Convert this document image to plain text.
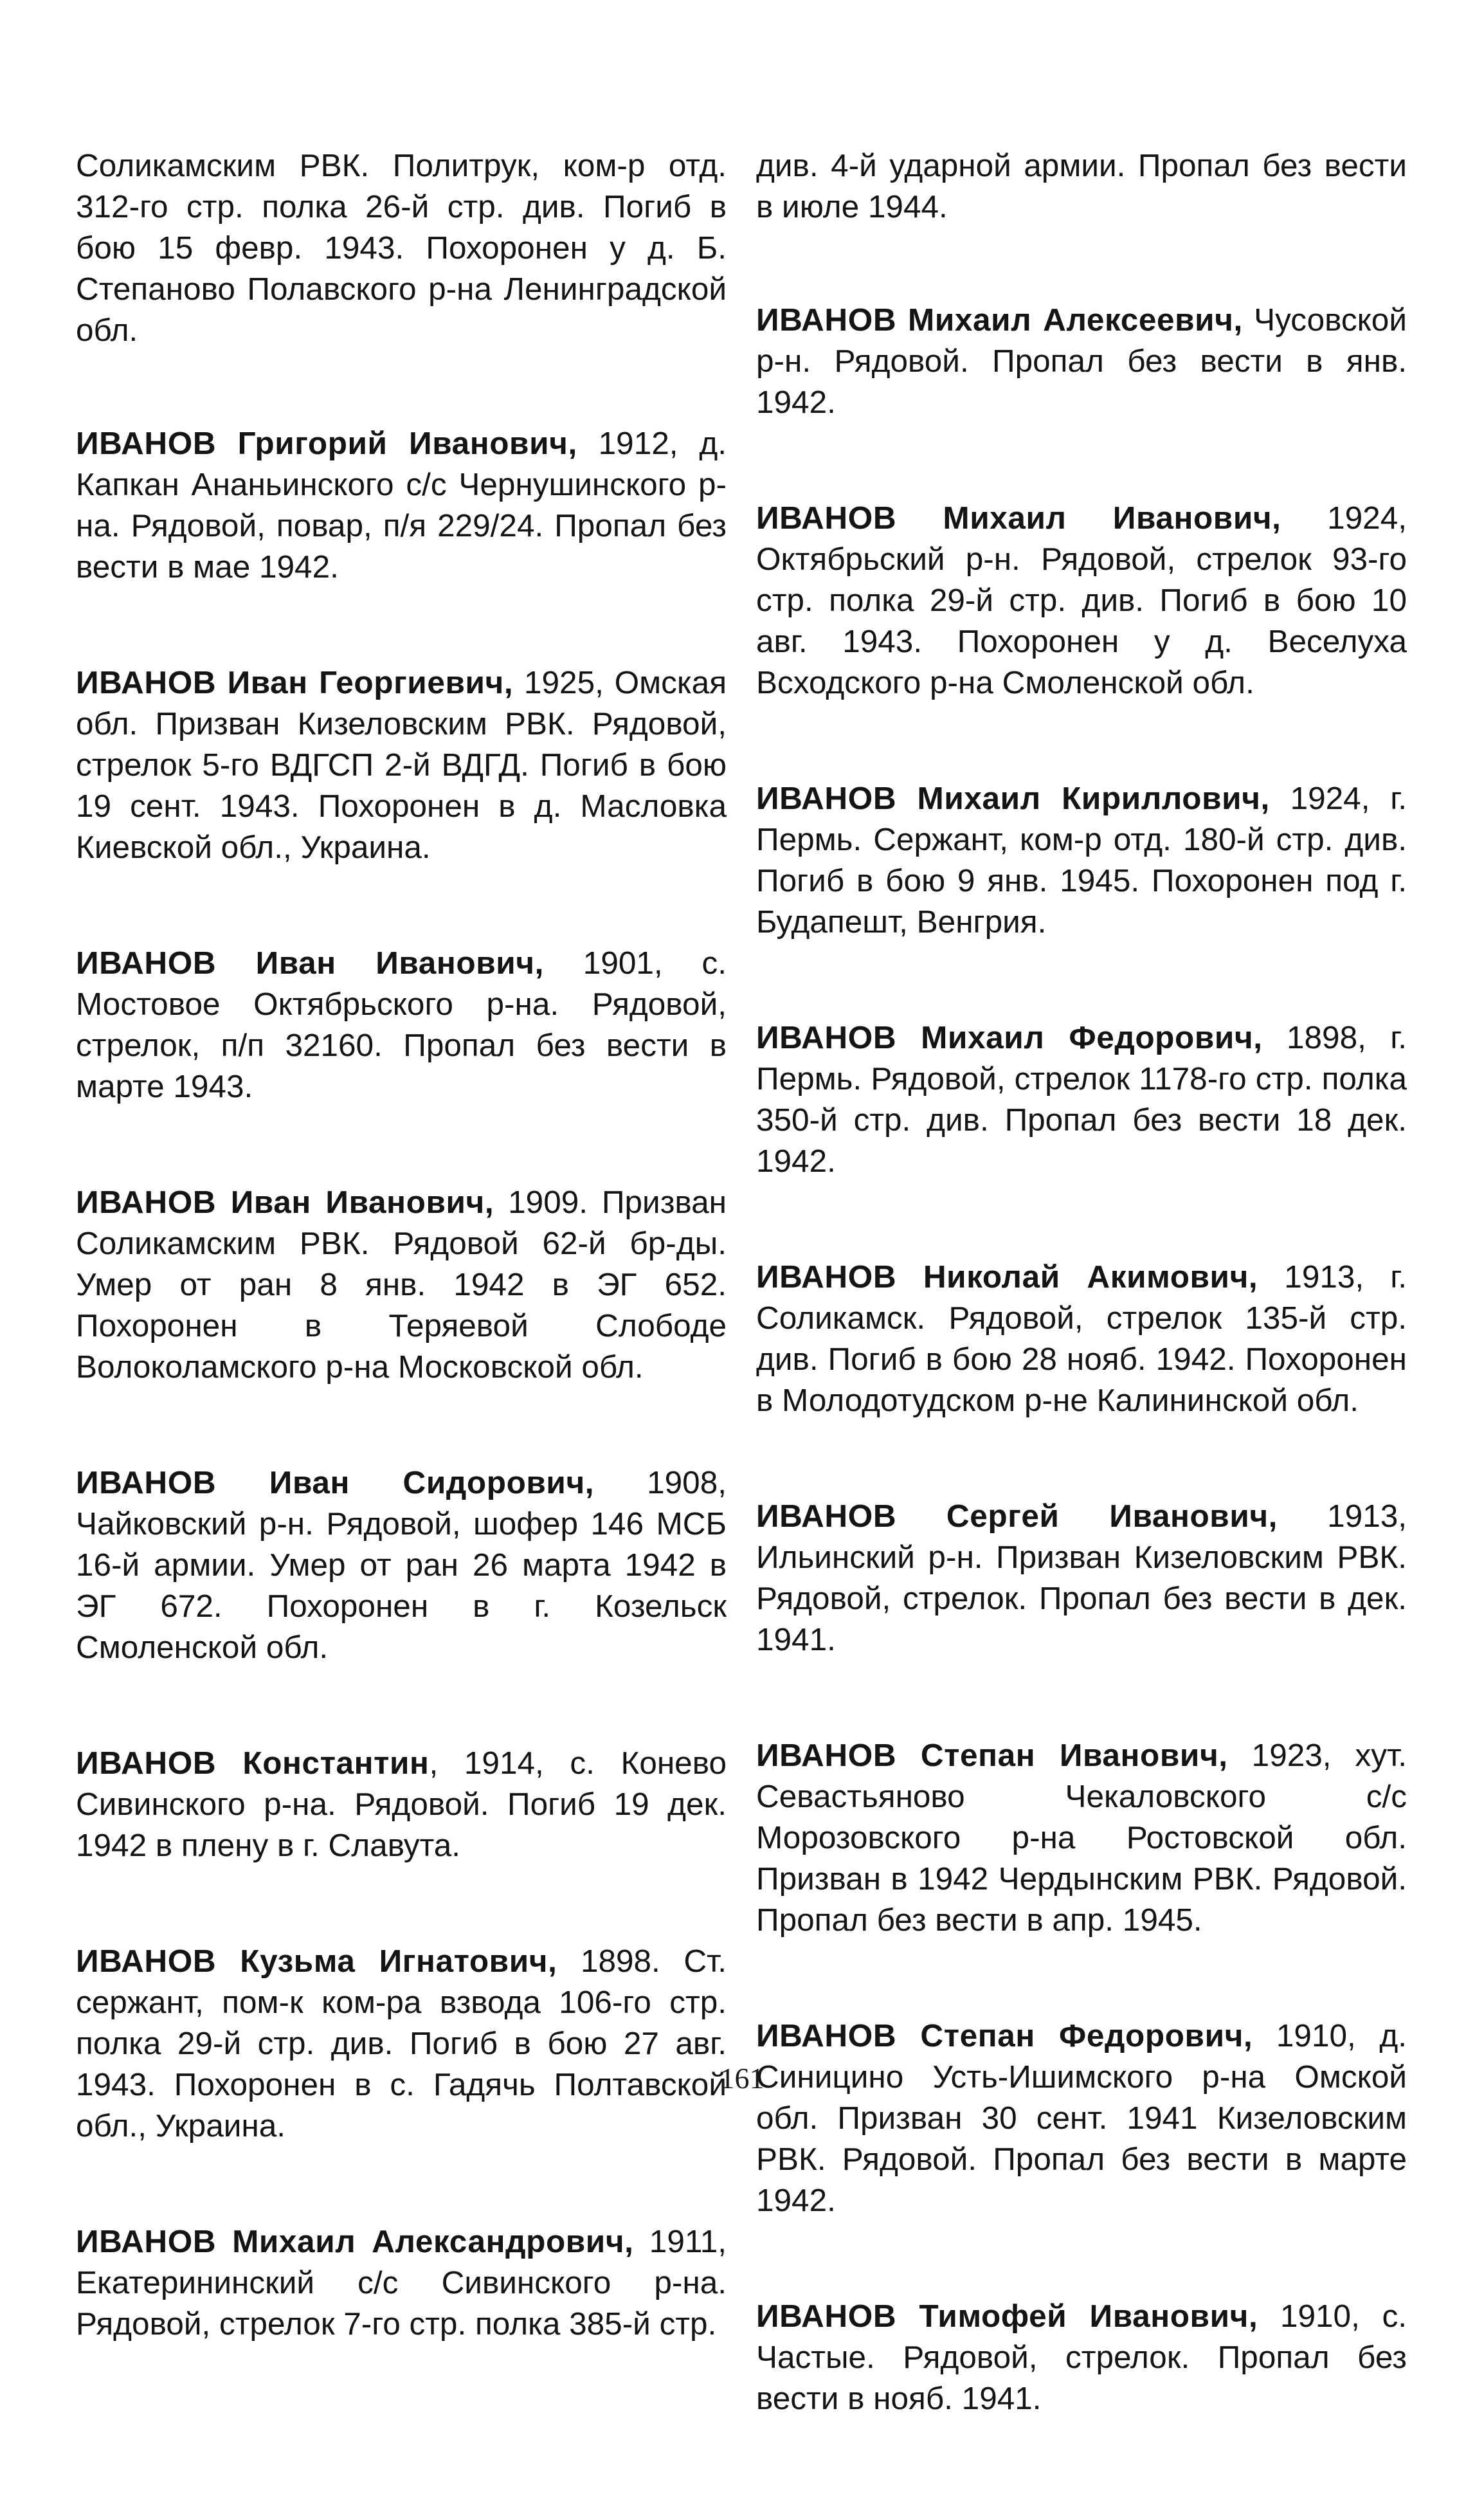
Соликамским РВК. Политрук, ком-р отд. 312-го стр. полка 26-й стр. див. Погиб в бою 15 февр. 1943. Похоронен у д. Б. Степаново Полавского р-на Ленинградской обл.

ИВАНОВ Григорий Иванович, 1912, д. Капкан Ананьинского с/с Чернушинского р-на. Рядовой, повар, п/я 229/24. Пропал без вести в мае 1942.

ИВАНОВ Иван Георгиевич, 1925, Омская обл. Призван Кизеловским РВК. Рядовой, стрелок 5-го ВДГСП 2-й ВДГД. Погиб в бою 19 сент. 1943. Похоронен в д. Масловка Киевской обл., Украина.

ИВАНОВ Иван Иванович, 1901, с. Мостовое Октябрьского р-на. Рядовой, стрелок, п/п 32160. Пропал без вести в марте 1943.

ИВАНОВ Иван Иванович, 1909. Призван Соликамским РВК. Рядовой 62-й бр-ды. Умер от ран 8 янв. 1942 в ЭГ 652. Похоронен в Теряевой Слободе Волоколамского р-на Московской обл.

ИВАНОВ Иван Сидорович, 1908, Чайковский р-н. Рядовой, шофер 146 МСБ 16-й армии. Умер от ран 26 марта 1942 в ЭГ 672. Похоронен в г. Козельск Смоленской обл.

ИВАНОВ Константин, 1914, с. Конево Сивинского р-на. Рядовой. Погиб 19 дек. 1942 в плену в г. Славута.

ИВАНОВ Кузьма Игнатович, 1898. Ст. сержант, пом-к ком-ра взвода 106-го стр. полка 29-й стр. див. Погиб в бою 27 авг. 1943. Похоронен в с. Гадячь Полтавской обл., Украина.

ИВАНОВ Михаил Александрович, 1911, Екатерининский с/с Сивинского р-на. Рядовой, стрелок 7-го стр. полка 385-й стр.

див. 4-й ударной армии. Пропал без вести в июле 1944.

ИВАНОВ Михаил Алексеевич, Чусовской р-н. Рядовой. Пропал без вести в янв. 1942.

ИВАНОВ Михаил Иванович, 1924, Октябрьский р-н. Рядовой, стрелок 93-го стр. полка 29-й стр. див. Погиб в бою 10 авг. 1943. Похоронен у д. Веселуха Всходского р-на Смоленской обл.

ИВАНОВ Михаил Кириллович, 1924, г. Пермь. Сержант, ком-р отд. 180-й стр. див. Погиб в бою 9 янв. 1945. Похоронен под г. Будапешт, Венгрия.

ИВАНОВ Михаил Федорович, 1898, г. Пермь. Рядовой, стрелок 1178-го стр. полка 350-й стр. див. Пропал без вести 18 дек. 1942.

ИВАНОВ Николай Акимович, 1913, г. Соликамск. Рядовой, стрелок 135-й стр. див. Погиб в бою 28 нояб. 1942. Похоронен в Молодотудском р-не Калининской обл.

ИВАНОВ Сергей Иванович, 1913, Ильинский р-н. Призван Кизеловским РВК. Рядовой, стрелок. Пропал без вести в дек. 1941.

ИВАНОВ Степан Иванович, 1923, хут. Севастьяново Чекаловского с/с Морозовского р-на Ростовской обл. Призван в 1942 Чердынским РВК. Рядовой. Пропал без вести в апр. 1945.

ИВАНОВ Степан Федорович, 1910, д. Синицино Усть-Ишимского р-на Омской обл. Призван 30 сент. 1941 Кизеловским РВК. Рядовой. Пропал без вести в марте 1942.

ИВАНОВ Тимофей Иванович, 1910, с. Частые. Рядовой, стрелок. Пропал без вести в нояб. 1941.

161
